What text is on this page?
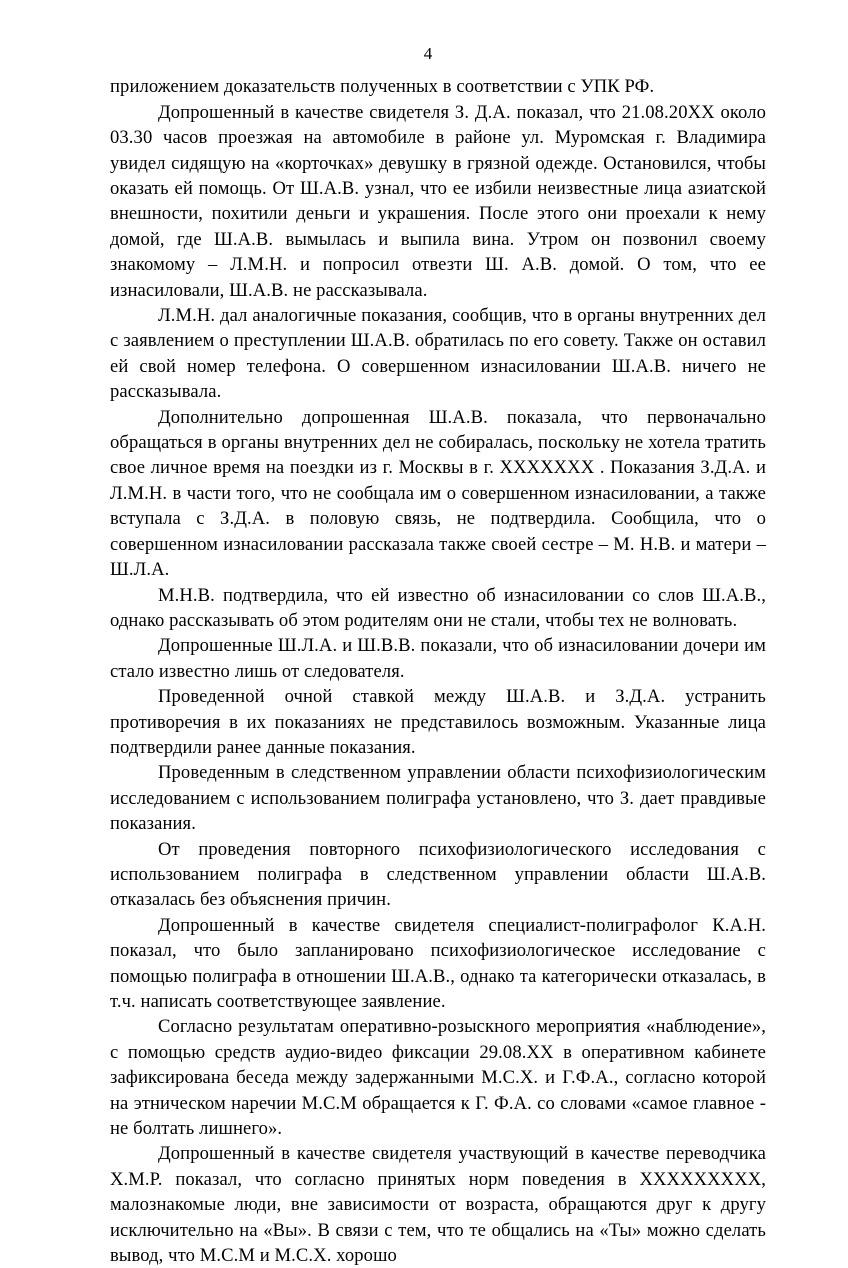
4

приложением доказательств полученных в соответствии с УПК РФ.

Допрошенный в качестве свидетеля З. Д.А. показал, что 21.08.20ХХ около 03.30 часов проезжая на автомобиле в районе ул. Муромская г. Владимира увидел сидящую на «корточках» девушку в грязной одежде. Остановился, чтобы оказать ей помощь. От Ш.А.В. узнал, что ее избили неизвестные лица азиатской внешности, похитили деньги и украшения. После этого они проехали к нему домой, где Ш.А.В. вымылась и выпила вина. Утром он позвонил своему знакомому – Л.М.Н. и попросил отвезти Ш. А.В. домой. О том, что ее изнасиловали, Ш.А.В. не рассказывала.

Л.М.Н. дал аналогичные показания, сообщив, что в органы внутренних дел с заявлением о преступлении Ш.А.В. обратилась по его совету. Также он оставил ей свой номер телефона. О совершенном изнасиловании Ш.А.В. ничего не рассказывала.

Дополнительно допрошенная Ш.А.В. показала, что первоначально обращаться в органы внутренних дел не собиралась, поскольку не хотела тратить свое личное время на поездки из г. Москвы в г. ХХХХХХХ . Показания З.Д.А. и Л.М.Н. в части того, что не сообщала им о совершенном изнасиловании, а также вступала с З.Д.А. в половую связь, не подтвердила. Сообщила, что о совершенном изнасиловании рассказала также своей сестре – М. Н.В. и матери –Ш.Л.А.

М.Н.В. подтвердила, что ей известно об изнасиловании со слов Ш.А.В., однако рассказывать об этом родителям они не стали, чтобы тех не волновать.

Допрошенные Ш.Л.А. и Ш.В.В. показали, что об изнасиловании дочери им стало известно лишь от следователя.

Проведенной очной ставкой между Ш.А.В. и З.Д.А. устранить противоречия в их показаниях не представилось возможным. Указанные лица подтвердили ранее данные показания.

Проведенным в следственном управлении области психофизиологическим исследованием с использованием полиграфа установлено, что З. дает правдивые показания.

От проведения повторного психофизиологического исследования с использованием полиграфа в следственном управлении области Ш.А.В. отказалась без объяснения причин.

Допрошенный в качестве свидетеля специалист-полиграфолог К.А.Н. показал, что было запланировано психофизиологическое исследование с помощью полиграфа в отношении Ш.А.В., однако та категорически отказалась, в т.ч. написать соответствующее заявление.

Согласно результатам оперативно-розыскного мероприятия «наблюдение», с помощью средств аудио-видео фиксации 29.08.ХХ в оперативном кабинете зафиксирована беседа между задержанными М.С.Х. и Г.Ф.А., согласно которой на этническом наречии М.С.М обращается к Г. Ф.А. со словами «самое главное - не болтать лишнего».

Допрошенный в качестве свидетеля участвующий в качестве переводчика Х.М.Р. показал, что согласно принятых норм поведения в ХХХХХХХХХ, малознакомые люди, вне зависимости от возраста, обращаются друг к другу исключительно на «Вы». В связи с тем, что те общались на «Ты» можно сделать вывод, что М.С.М и М.С.Х. хорошо
